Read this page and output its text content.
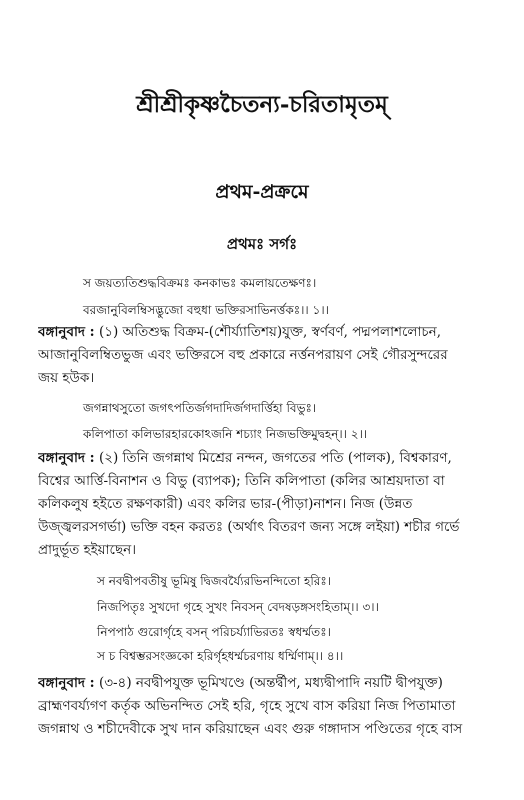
শ্রীশ্রীকৃষ্ণচৈতন্য-চরিতামৃতম্
প্রথম-প্রক্রমে
প্রথমঃ সর্গঃ
স জয়ত্যতিশুদ্ধবিক্রমঃ কনকাভঃ কমলায়তেক্ষণঃ।
বরজানুবিলম্বিসদ্ভুজো বহুধা ভক্তিরসাভিনর্ত্তকঃ।। ১।।
বঙ্গানুবাদ : (১) অতিশুদ্ধ বিক্রম-(শৌর্য্যাতিশয়)যুক্ত, স্বর্ণবর্ণ, পদ্মপলাশলোচন,
আজানুবিলম্বিতভুজ এবং ভক্তিরসে বহু প্রকারে নর্ত্তনপরায়ণ সেই গৌরসুন্দরের
জয় হউক।
জগন্নাথসুতো জগৎপতির্জগদাদির্জগদার্ত্তিহা বিভুঃ।
কলিপাতা কলিভারহারকোঽজনি শচ্যাং নিজভক্তিমুদ্বহন্।। ২।।
বঙ্গানুবাদ : (২) তিনি জগন্নাথ মিশ্রের নন্দন, জগতের পতি (পালক), বিশ্বকারণ,
বিশ্বের আর্ত্তি-বিনাশন ও বিভু (ব্যাপক); তিনি কলিপাতা (কলির আশ্রয়দাতা বা
কলিকলুষ হইতে রক্ষণকারী) এবং কলির ভার-(পীড়া)নাশন। নিজ (উন্নত
উজ্জ্বলরসগর্ভা) ভক্তি বহন করতঃ (অর্থাৎ বিতরণ জন্য সঙ্গে লইয়া) শচীর গর্ভে
প্রাদুর্ভূত হইয়াছেন।
স নবদ্বীপবতীষু ভূমিষু দ্বিজবর্য্যৈরভিনন্দিতো হরিঃ।
নিজপিতৃঃ সুখদো গৃহে সুখং নিবসন্ বেদষড়ঙ্গসংহিতাম্।। ৩।।
নিপপাঠ গুরোর্গৃহে বসন্ পরিচর্য্যাভিরতঃ স্বধর্ম্মতঃ।
স চ বিশ্বম্ভরসংজ্ঞকো হরির্গৃহধর্ম্মচরণায় ধর্ম্মিণাম্।। ৪।।
বঙ্গানুবাদ : (৩-৪) নবদ্বীপযুক্ত ভূমিখণ্ডে (অন্তর্দ্বীপ, মধ্যদ্বীপাদি নয়টি দ্বীপযুক্ত)
ব্রাহ্মণবর্য্যগণ কর্তৃক অভিনন্দিত সেই হরি, গৃহে সুখে বাস করিয়া নিজ পিতামাতা
জগন্নাথ ও শচীদেবীকে সুখ দান করিয়াছেন এবং গুরু গঙ্গাদাস পণ্ডিতের গৃহে বাস
